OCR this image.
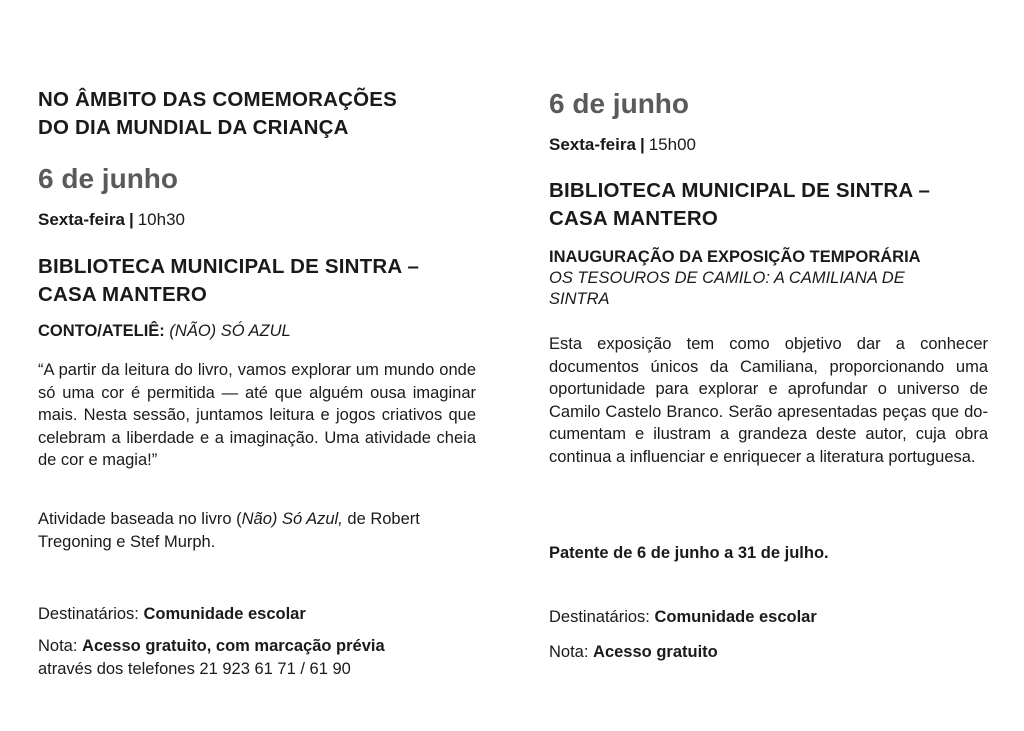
NO ÂMBITO DAS COMEMORAÇÕES
DO DIA MUNDIAL DA CRIANÇA
6 de junho

Sexta-feira | 10h30

BIBLIOTECA MUNICIPAL DE SINTRA –
CASA MANTERO

CONTO/ATELIÊ: (NÃO) SÓ AZUL

“A partir da leitura do livro, vamos explorar um mundo onde só uma cor é permitida — até que alguém ousa imaginar mais. Nesta sessão, juntamos leitura e jogos criativos que celebram a liberdade e a imaginação. Uma atividade cheia de cor e magia!”

Atividade baseada no livro (Não) Só Azul, de Robert Tregoning e Stef Murph.

Destinatários: Comunidade escolar

Nota: Acesso gratuito, com marcação prévia
através dos telefones 21 923 61 71 / 61 90

6 de junho

Sexta-feira | 15h00

BIBLIOTECA MUNICIPAL DE SINTRA –
CASA MANTERO

INAUGURAÇÃO DA EXPOSIÇÃO TEMPORÁRIA
OS TESOUROS DE CAMILO: A CAMILIANA DE
SINTRA

Esta exposição tem como objetivo dar a conhecer documentos únicos da Camiliana, proporcionando uma oportunidade para explorar e aprofundar o universo de Camilo Castelo Branco. Serão apresentadas peças que documentam e ilustram a grandeza deste autor, cuja obra continua a influenciar e enriquecer a literatura portuguesa.

Patente de 6 de junho a 31 de julho.

Destinatários: Comunidade escolar

Nota: Acesso gratuito
